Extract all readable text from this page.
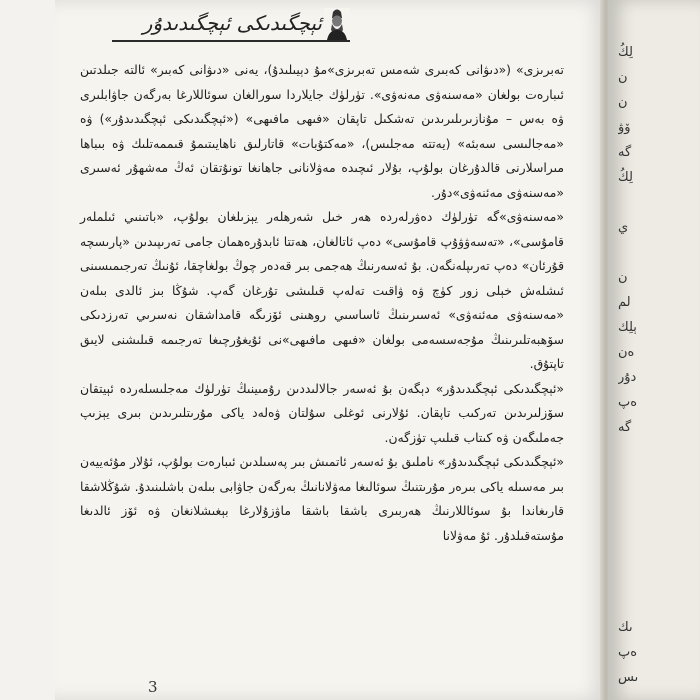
لِكُ
ن
ن
ۆۋ
گە
لِكُ
ي
ن
لم
ېلِك
ەن
دۇر
ەپ
گە
ىك
ەپ
ىس
ئېچگىدىكى ئېچگىدىدۇر

تەبرىزى» («دىۋانى كەبىرى شەمس تەبرىزى»مۇ دېيىلىدۇ)، يەنى «دىۋانى كەبىر» ئالتە جىلدتىن ئىبارەت بولغان «مەسنەۋى مەنەۋى». تۈرلۈك جايلاردا سورالغان سوئاللارغا بەرگەن جاۋابلىرى ۋە بەس – مۇنازىرىلىرىدىن تەشكىل تاپقان «فىھى مافىھى» («ئېچگىدىكى ئېچگىدىدۇر») ۋە «مەجالىسى سەبئە» (يەتتە مەجلىس)، «مەكتۇبات» قاتارلىق ناھايىتىمۇ قىممەتلىك ۋە بىباھا مىراسلارنى قالدۇرغان بولۇپ، بۇلار ئىچىدە مەۋلانانى جاھانغا تونۇتقان ئەڭ مەشھۇر ئەسىرى «مەسنەۋى مەئنەۋى»دۇر.

«مەسنەۋى»گە تۈرلۈك دەۋرلەردە ھەر خىل شەرھلەر يېزىلغان بولۇپ، «باتىنىي ئىلملەر قامۇسى»، «تەسەۋۋۇپ قامۇسى» دەپ ئاتالغان، ھەتتا ئابدۇرەھمان جامى تەرىپىدىن «پارىسچە قۇرئان» دەپ تەرىپلەنگەن. بۇ ئەسەرنىڭ ھەجمى بىر قەدەر چوڭ بولغاچقا، ئۇنىڭ تەرجىمىسىنى ئىشلەش خېلى زور كۈچ ۋە ۋاقىت تەلەپ قىلىشى تۇرغان گەپ. شۇڭا بىز ئالدى بىلەن «مەسنەۋى مەئنەۋى» ئەسىرىنىڭ ئاساسىي روھىنى ئۆزىگە قامداشقان نەسرىي تەرزدىكى سۆھبەتلىرىنىڭ مۇجەسسەمى بولغان «فىھى مافىھى»نى ئۇيغۇرچىغا تەرجىمە قىلىشنى لايىق تاپتۇق.

«ئېچگىدىكى ئېچگىدىدۇر» دېگەن بۇ ئەسەر جالالىددىن رۇمىينىڭ تۈرلۈك مەجلىسلەردە ئېيتقان سۆزلىرىدىن تەركىب تاپقان. ئۇلارنى ئوغلى سۇلتان ۋەلەد ياكى مۇرىتلىرىدىن بىرى يېزىپ جەملىگەن ۋە كىتاب قىلىپ تۈزگەن.

«ئېچگىدىكى ئېچگىدىدۇر» ناملىق بۇ ئەسەر ئاتمىش بىر پەسىلدىن ئىبارەت بولۇپ، ئۇلار مۇئەييەن بىر مەسىلە ياكى بىرەر مۇرىتنىڭ سوئالىغا مەۋلانانىڭ بەرگەن جاۋابى بىلەن باشلىنىدۇ. شۇڭلاشقا قارىغاندا بۇ سوئاللارنىڭ ھەربىرى باشقا باشقا ماۋزۇلارغا بېغىشلانغان ۋە ئۆز ئالدىغا مۇستەقىلدۇر. ئۇ مەۋلانا

3
